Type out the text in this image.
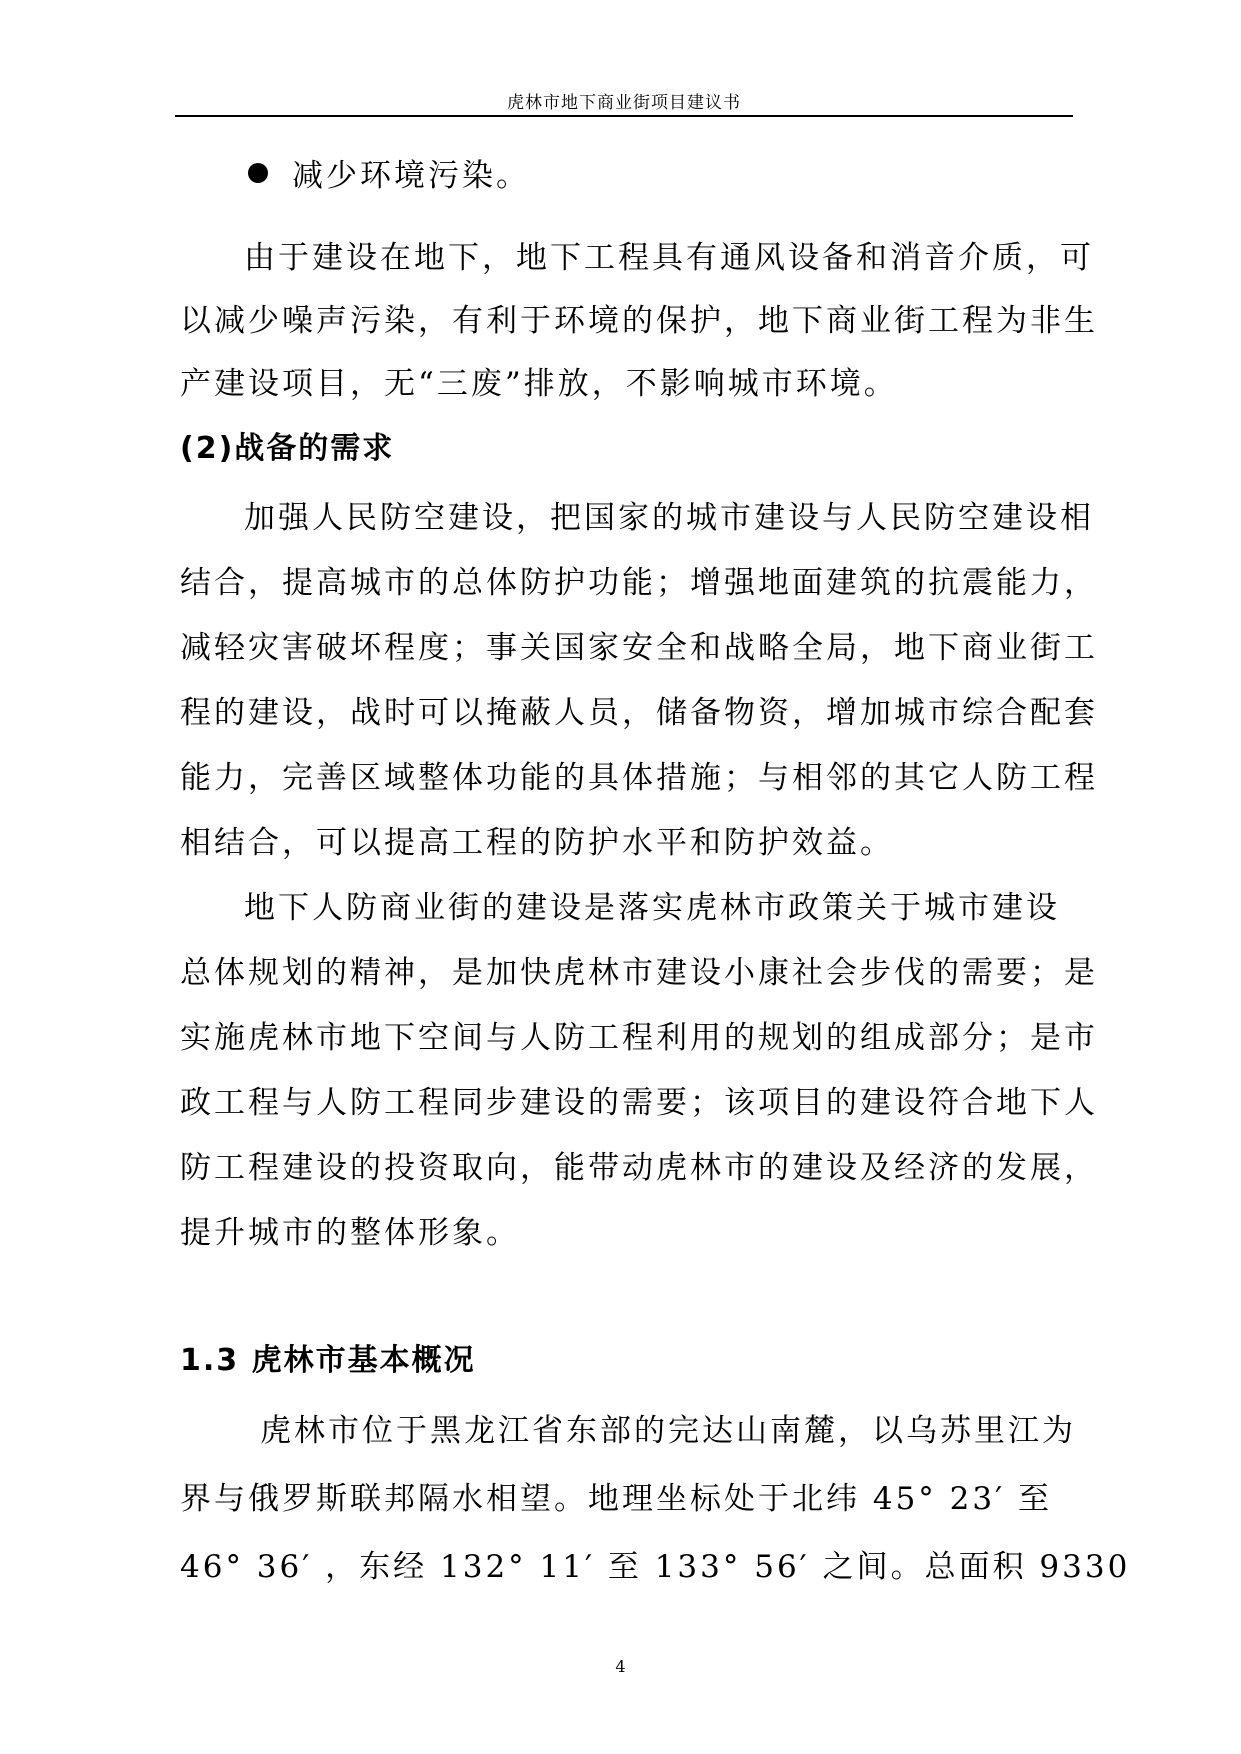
虎林市地下商业街项目建议书
减少环境污染。
由于建设在地下，地下工程具有通风设备和消音介质，可
以减少噪声污染，有利于环境的保护，地下商业街工程为非生
产建设项目，无“三废”排放，不影响城市环境。
(2)战备的需求
加强人民防空建设，把国家的城市建设与人民防空建设相
结合，提高城市的总体防护功能；增强地面建筑的抗震能力，
减轻灾害破坏程度；事关国家安全和战略全局，地下商业街工
程的建设，战时可以掩蔽人员，储备物资，增加城市综合配套
能力，完善区域整体功能的具体措施；与相邻的其它人防工程
相结合，可以提高工程的防护水平和防护效益。
地下人防商业街的建设是落实虎林市政策关于城市建设
总体规划的精神，是加快虎林市建设小康社会步伐的需要；是
实施虎林市地下空间与人防工程利用的规划的组成部分；是市
政工程与人防工程同步建设的需要；该项目的建设符合地下人
防工程建设的投资取向，能带动虎林市的建设及经济的发展，
提升城市的整体形象。
1.3 虎林市基本概况
虎林市位于黑龙江省东部的完达山南麓，以乌苏里江为
界与俄罗斯联邦隔水相望。地理坐标处于北纬 45° 23′ 至
46° 36′ ，东经 132° 11′ 至 133° 56′ 之间。总面积 9330
4
